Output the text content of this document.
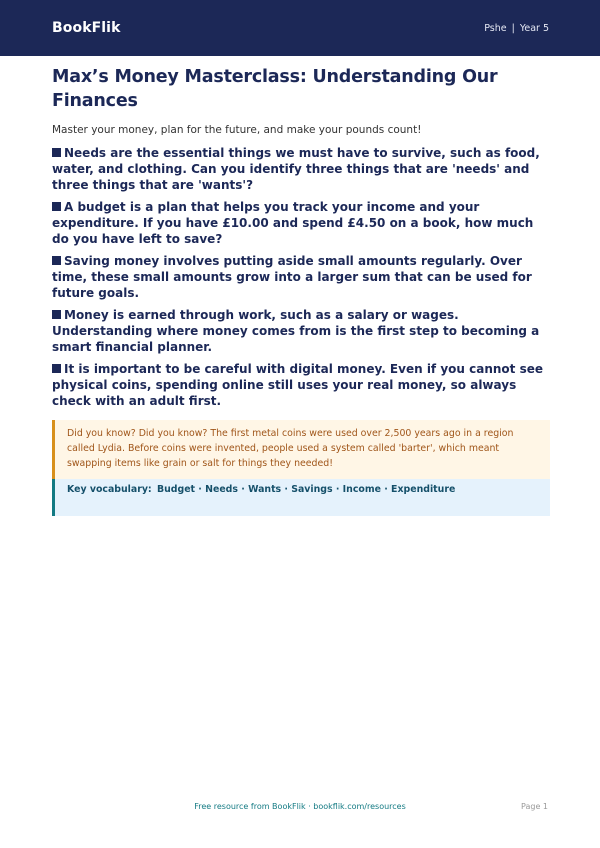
BookFlik	Pshe | Year 5
Max’s Money Masterclass: Understanding Our Finances

Master your money, plan for the future, and make your pounds count!

Needs are the essential things we must have to survive, such as food, water, and clothing. Can you identify three things that are 'needs' and three things that are 'wants'?

A budget is a plan that helps you track your income and your expenditure. If you have £10.00 and spend £4.50 on a book, how much do you have left to save?

Saving money involves putting aside small amounts regularly. Over time, these small amounts grow into a larger sum that can be used for future goals.

Money is earned through work, such as a salary or wages. Understanding where money comes from is the first step to becoming a smart financial planner.

It is important to be careful with digital money. Even if you cannot see physical coins, spending online still uses your real money, so always check with an adult first.

Did you know? Did you know? The first metal coins were used over 2,500 years ago in a region called Lydia. Before coins were invented, people used a system called 'barter', which meant swapping items like grain or salt for things they needed!
Key vocabulary: Budget · Needs · Wants · Savings · Income · Expenditure
Free resource from BookFlik · bookflik.com/resources	Page 1
